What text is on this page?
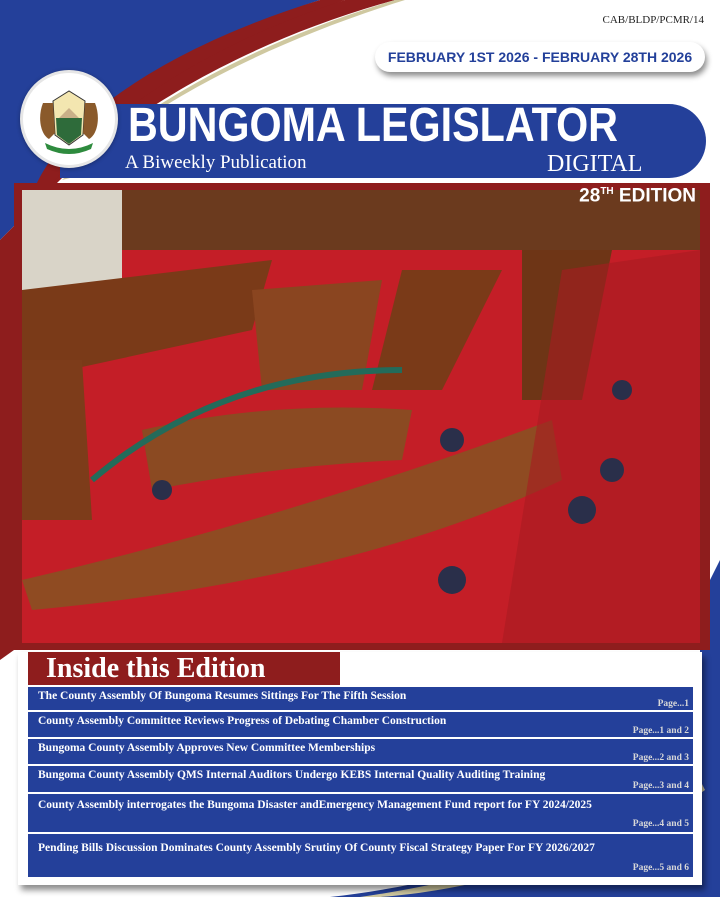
CAB/BLDP/PCMR/14
FEBRUARY 1ST 2026 - FEBRUARY 28TH 2026
BUNGOMA LEGISLATOR
A Biweekly Publication	DIGITAL
28TH EDITION
Inside this Edition
The County Assembly Of Bungoma Resumes Sittings For The Fifth Session
Page...1
County Assembly Committee Reviews Progress of Debating Chamber Construction
Page...1 and 2
Bungoma County Assembly Approves New Committee Memberships
Page...2 and 3
Bungoma County Assembly QMS Internal Auditors Undergo KEBS Internal Quality Auditing Training
Page...3 and 4
County Assembly interrogates the Bungoma Disaster andEmergency Management Fund report for FY 2024/2025
Page...4 and 5
Pending Bills Discussion Dominates County Assembly Srutiny Of County Fiscal Strategy Paper For FY 2026/2027
Page...5 and 6
